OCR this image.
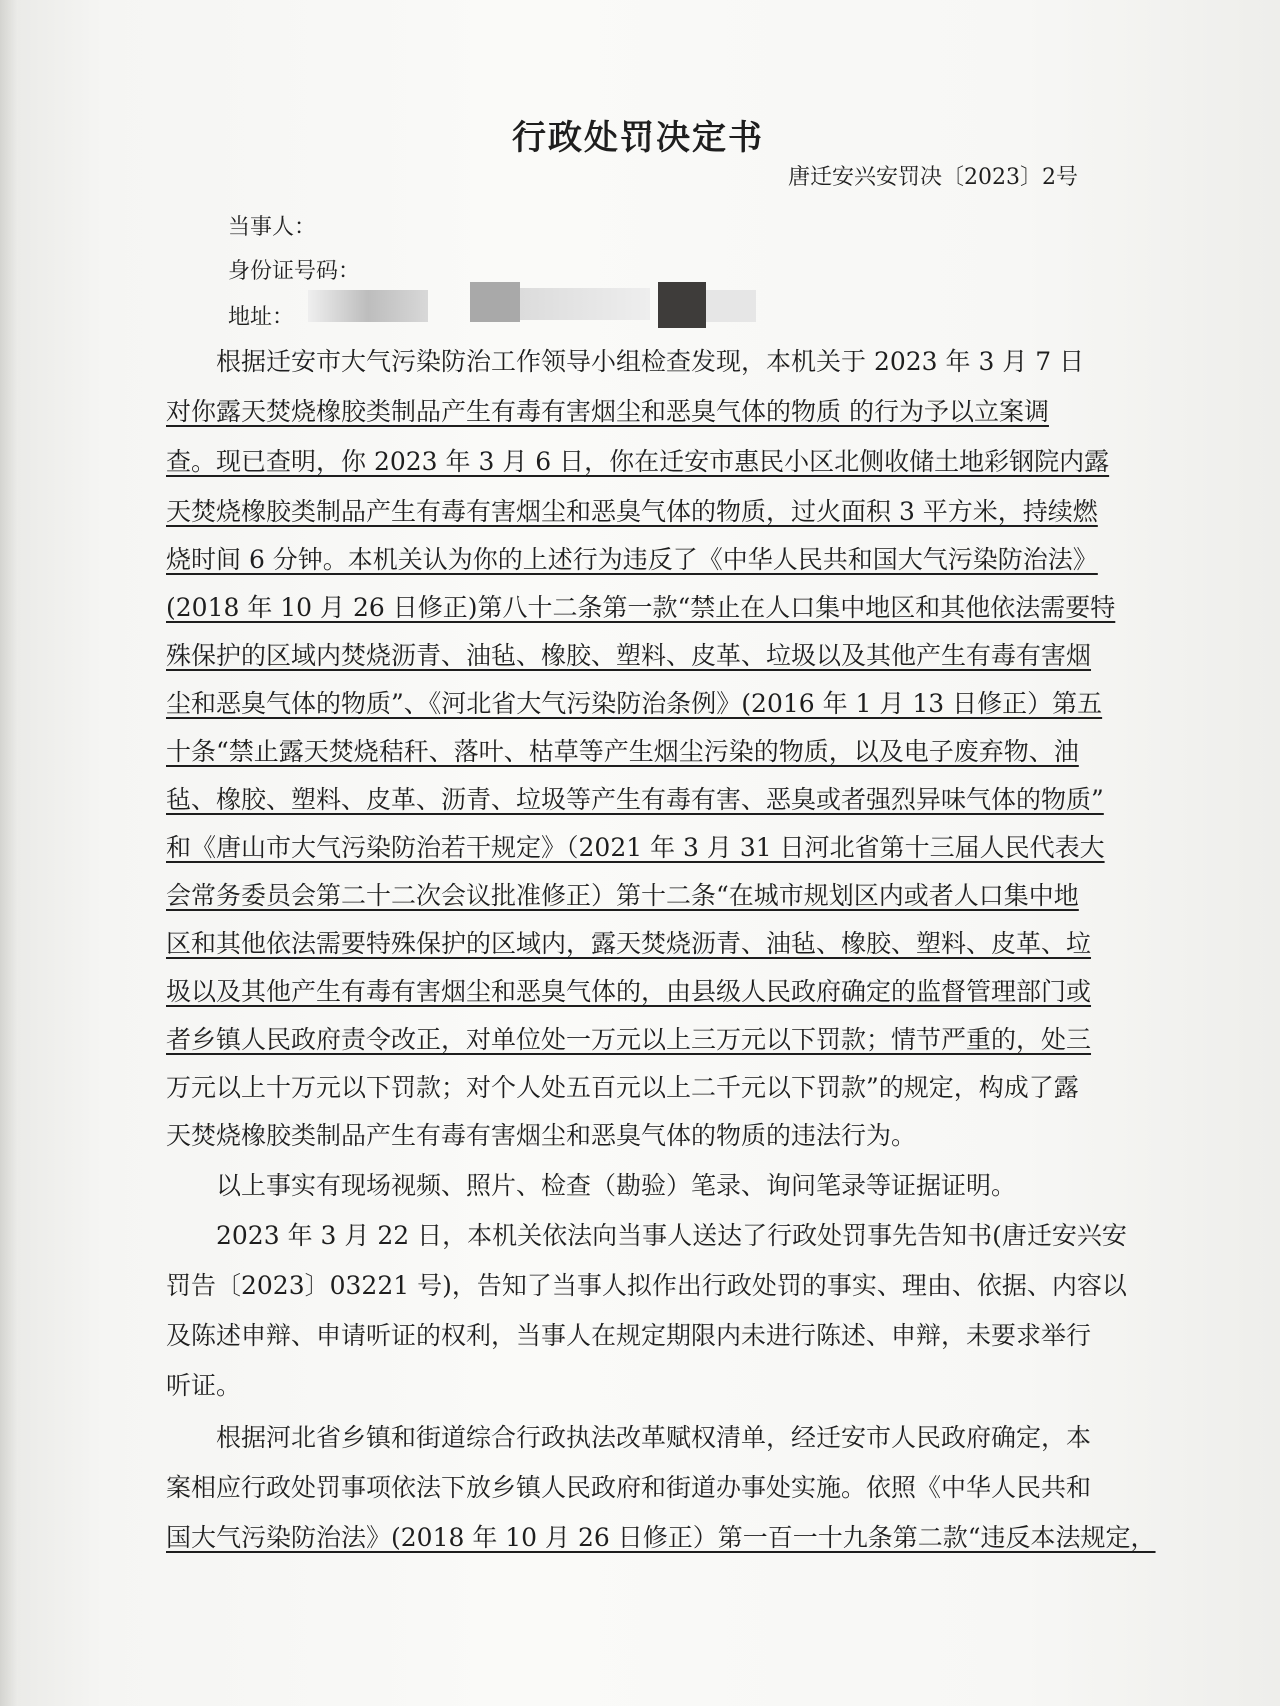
行政处罚决定书
唐迁安兴安罚决〔2023〕2号
当事人：
身份证号码：
地址：
　　根据迁安市大气污染防治工作领导小组检查发现，本机关于 2023 年 3 月 7 日
对你露天焚烧橡胶类制品产生有毒有害烟尘和恶臭气体的物质 的行为予以立案调
查。现已查明，你 2023 年 3 月 6 日，你在迁安市惠民小区北侧收储土地彩钢院内露
天焚烧橡胶类制品产生有毒有害烟尘和恶臭气体的物质，过火面积 3 平方米，持续燃
烧时间 6 分钟。本机关认为你的上述行为违反了《中华人民共和国大气污染防治法》
(2018 年 10 月 26 日修正)第八十二条第一款“禁止在人口集中地区和其他依法需要特
殊保护的区域内焚烧沥青、油毡、橡胶、塑料、皮革、垃圾以及其他产生有毒有害烟
尘和恶臭气体的物质”、《河北省大气污染防治条例》(2016 年 1 月 13 日修正）第五
十条“禁止露天焚烧秸秆、落叶、枯草等产生烟尘污染的物质，以及电子废弃物、油
毡、橡胶、塑料、皮革、沥青、垃圾等产生有毒有害、恶臭或者强烈异味气体的物质”
和《唐山市大气污染防治若干规定》（2021 年 3 月 31 日河北省第十三届人民代表大
会常务委员会第二十二次会议批准修正）第十二条“在城市规划区内或者人口集中地
区和其他依法需要特殊保护的区域内，露天焚烧沥青、油毡、橡胶、塑料、皮革、垃
圾以及其他产生有毒有害烟尘和恶臭气体的，由县级人民政府确定的监督管理部门或
者乡镇人民政府责令改正，对单位处一万元以上三万元以下罚款；情节严重的，处三
万元以上十万元以下罚款；对个人处五百元以上二千元以下罚款”的规定，构成了露
天焚烧橡胶类制品产生有毒有害烟尘和恶臭气体的物质的违法行为。
　　以上事实有现场视频、照片、检查（勘验）笔录、询问笔录等证据证明。
　　2023 年 3 月 22 日，本机关依法向当事人送达了行政处罚事先告知书(唐迁安兴安
罚告〔2023〕03221 号)，告知了当事人拟作出行政处罚的事实、理由、依据、内容以
及陈述申辩、申请听证的权利，当事人在规定期限内未进行陈述、申辩，未要求举行
听证。
　　根据河北省乡镇和街道综合行政执法改革赋权清单，经迁安市人民政府确定，本
案相应行政处罚事项依法下放乡镇人民政府和街道办事处实施。依照《中华人民共和
国大气污染防治法》(2018 年 10 月 26 日修正）第一百一十九条第二款“违反本法规定，
